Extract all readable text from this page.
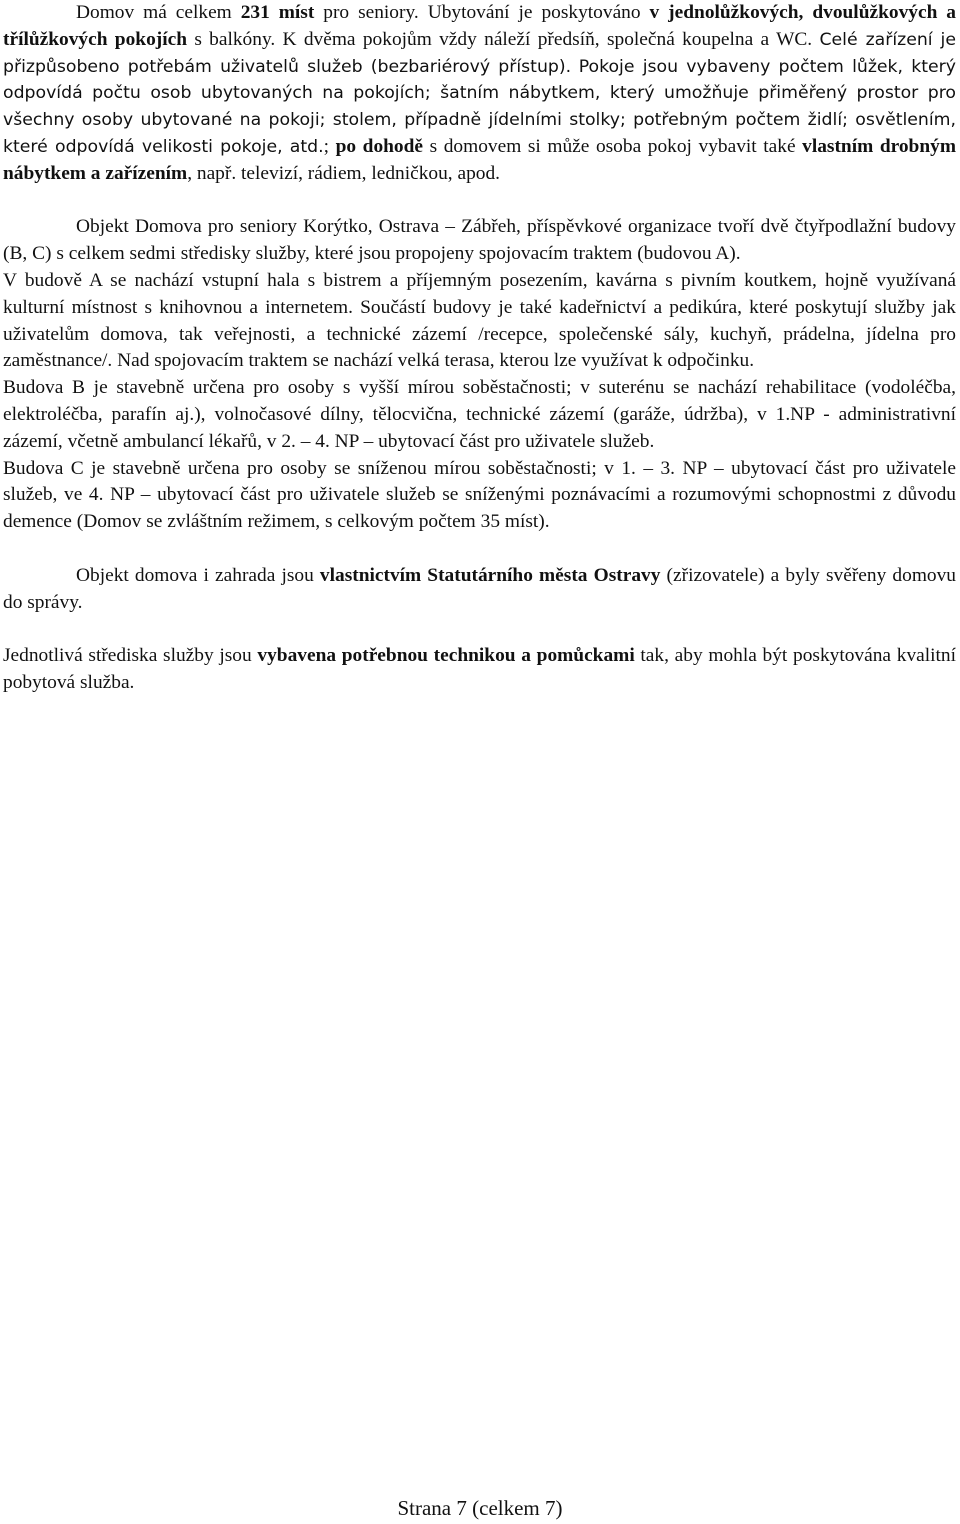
Domov má celkem 231 míst pro seniory. Ubytování je poskytováno v jednolůžkových, dvoulůžkových a třílůžkových pokojích s balkóny. K dvěma pokojům vždy náleží předsíň, společná koupelna a WC. Celé zařízení je přizpůsobeno potřebám uživatelů služeb (bezbariérový přístup). Pokoje jsou vybaveny počtem lůžek, který odpovídá počtu osob ubytovaných na pokojích; šatním nábytkem, který umožňuje přiměřený prostor pro všechny osoby ubytované na pokoji; stolem, případně jídelními stolky; potřebným počtem židlí; osvětlením, které odpovídá velikosti pokoje, atd.; po dohodě s domovem si může osoba pokoj vybavit také vlastním drobným nábytkem a zařízením, např. televizí, rádiem, ledničkou, apod.

Objekt Domova pro seniory Korýtko, Ostrava – Zábřeh, příspěvkové organizace tvoří dvě čtyřpodlažní budovy (B, C) s celkem sedmi středisky služby, které jsou propojeny spojovacím traktem (budovou A).

V budově A se nachází vstupní hala s bistrem a příjemným posezením, kavárna s pivním koutkem, hojně využívaná kulturní místnost s knihovnou a internetem. Součástí budovy je také kadeřnictví a pedikúra, které poskytují služby jak uživatelům domova, tak veřejnosti, a technické zázemí /recepce, společenské sály, kuchyň, prádelna, jídelna pro zaměstnance/. Nad spojovacím traktem se nachází velká terasa, kterou lze využívat k odpočinku.

Budova B je stavebně určena pro osoby s vyšší mírou soběstačnosti; v suterénu se nachází rehabilitace (vodoléčba, elektroléčba, parafín aj.), volnočasové dílny, tělocvična, technické zázemí (garáže, údržba), v 1.NP - administrativní zázemí, včetně ambulancí lékařů, v 2. – 4. NP – ubytovací část pro uživatele služeb.

Budova C je stavebně určena pro osoby se sníženou mírou soběstačnosti; v 1. – 3. NP – ubytovací část pro uživatele služeb, ve 4. NP – ubytovací část pro uživatele služeb se sníženými poznávacími a rozumovými schopnostmi z důvodu demence (Domov se zvláštním režimem, s celkovým počtem 35 míst).

Objekt domova i zahrada jsou vlastnictvím Statutárního města Ostravy (zřizovatele) a byly svěřeny domovu do správy.

Jednotlivá střediska služby jsou vybavena potřebnou technikou a pomůckami tak, aby mohla být poskytována kvalitní pobytová služba.

Strana 7 (celkem 7)
